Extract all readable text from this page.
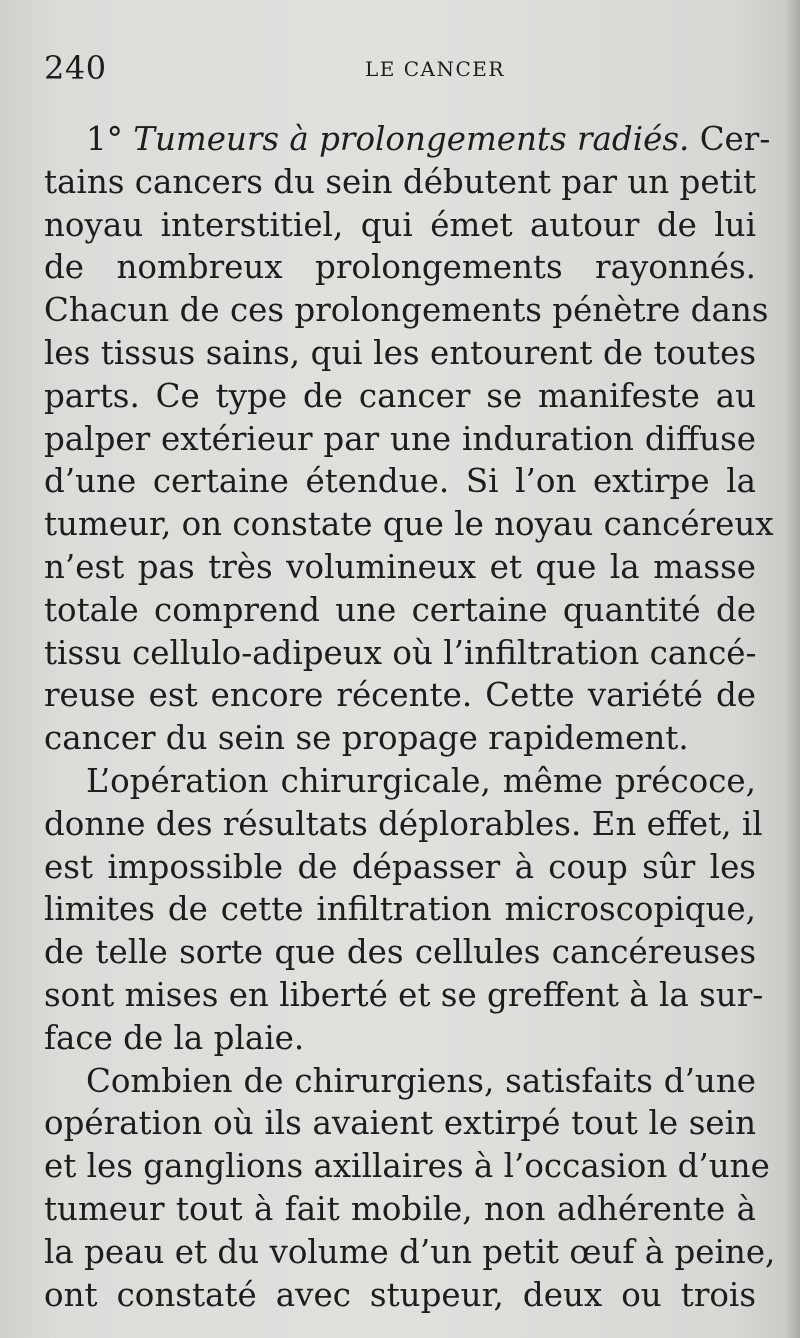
240	LE CANCER
1° Tumeurs à prolongements radiés. Cer-
tains cancers du sein débutent par un petit
noyau interstitiel, qui émet autour de lui
de nombreux prolongements rayonnés.
Chacun de ces prolongements pénètre dans
les tissus sains, qui les entourent de toutes
parts. Ce type de cancer se manifeste au
palper extérieur par une induration diffuse
d’une certaine étendue. Si l’on extirpe la
tumeur, on constate que le noyau cancéreux
n’est pas très volumineux et que la masse
totale comprend une certaine quantité de
tissu cellulo-adipeux où l’infiltration cancé-
reuse est encore récente. Cette variété de
cancer du sein se propage rapidement.
L’opération chirurgicale, même précoce,
donne des résultats déplorables. En effet, il
est impossible de dépasser à coup sûr les
limites de cette infiltration microscopique,
de telle sorte que des cellules cancéreuses
sont mises en liberté et se greffent à la sur-
face de la plaie.
Combien de chirurgiens, satisfaits d’une
opération où ils avaient extirpé tout le sein
et les ganglions axillaires à l’occasion d’une
tumeur tout à fait mobile, non adhérente à
la peau et du volume d’un petit œuf à peine,
ont constaté avec stupeur, deux ou trois
